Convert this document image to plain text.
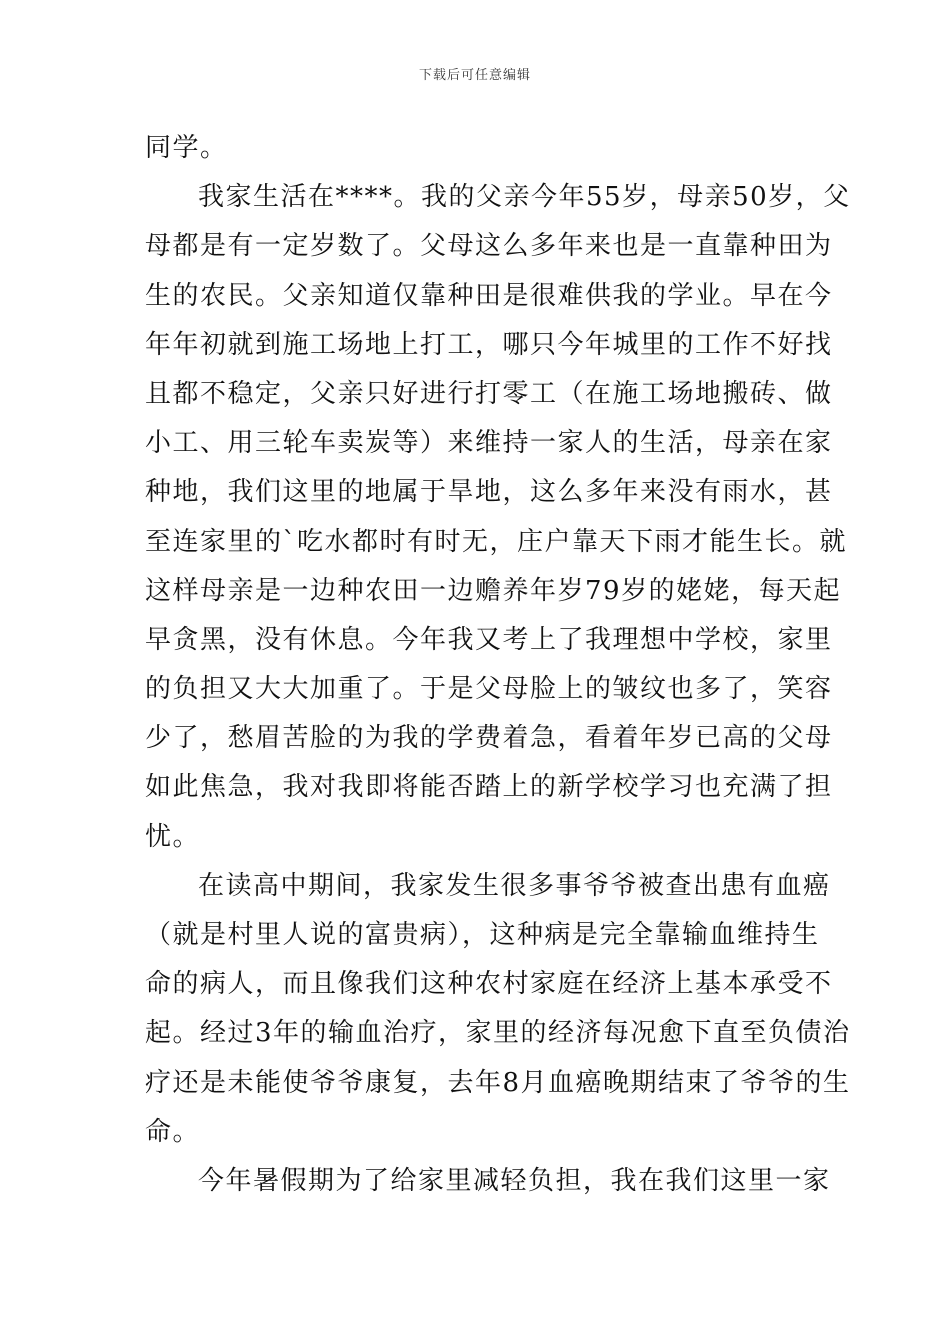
下载后可任意编辑
同学。
我家生活在****。我的父亲今年55岁，母亲50岁，父
母都是有一定岁数了。父母这么多年来也是一直靠种田为
生的农民。父亲知道仅靠种田是很难供我的学业。早在今
年年初就到施工场地上打工，哪只今年城里的工作不好找
且都不稳定，父亲只好进行打零工（在施工场地搬砖、做
小工、用三轮车卖炭等）来维持一家人的生活，母亲在家
种地，我们这里的地属于旱地，这么多年来没有雨水，甚
至连家里的`吃水都时有时无，庄户靠天下雨才能生长。就
这样母亲是一边种农田一边赡养年岁79岁的姥姥，每天起
早贪黑，没有休息。今年我又考上了我理想中学校，家里
的负担又大大加重了。于是父母脸上的皱纹也多了，笑容
少了，愁眉苦脸的为我的学费着急，看着年岁已高的父母
如此焦急，我对我即将能否踏上的新学校学习也充满了担
忧。
在读高中期间，我家发生很多事爷爷被查出患有血癌
（就是村里人说的富贵病），这种病是完全靠输血维持生
命的病人，而且像我们这种农村家庭在经济上基本承受不
起。经过3年的输血治疗，家里的经济每况愈下直至负债治
疗还是未能使爷爷康复，去年8月血癌晚期结束了爷爷的生
命。
今年暑假期为了给家里减轻负担，我在我们这里一家
